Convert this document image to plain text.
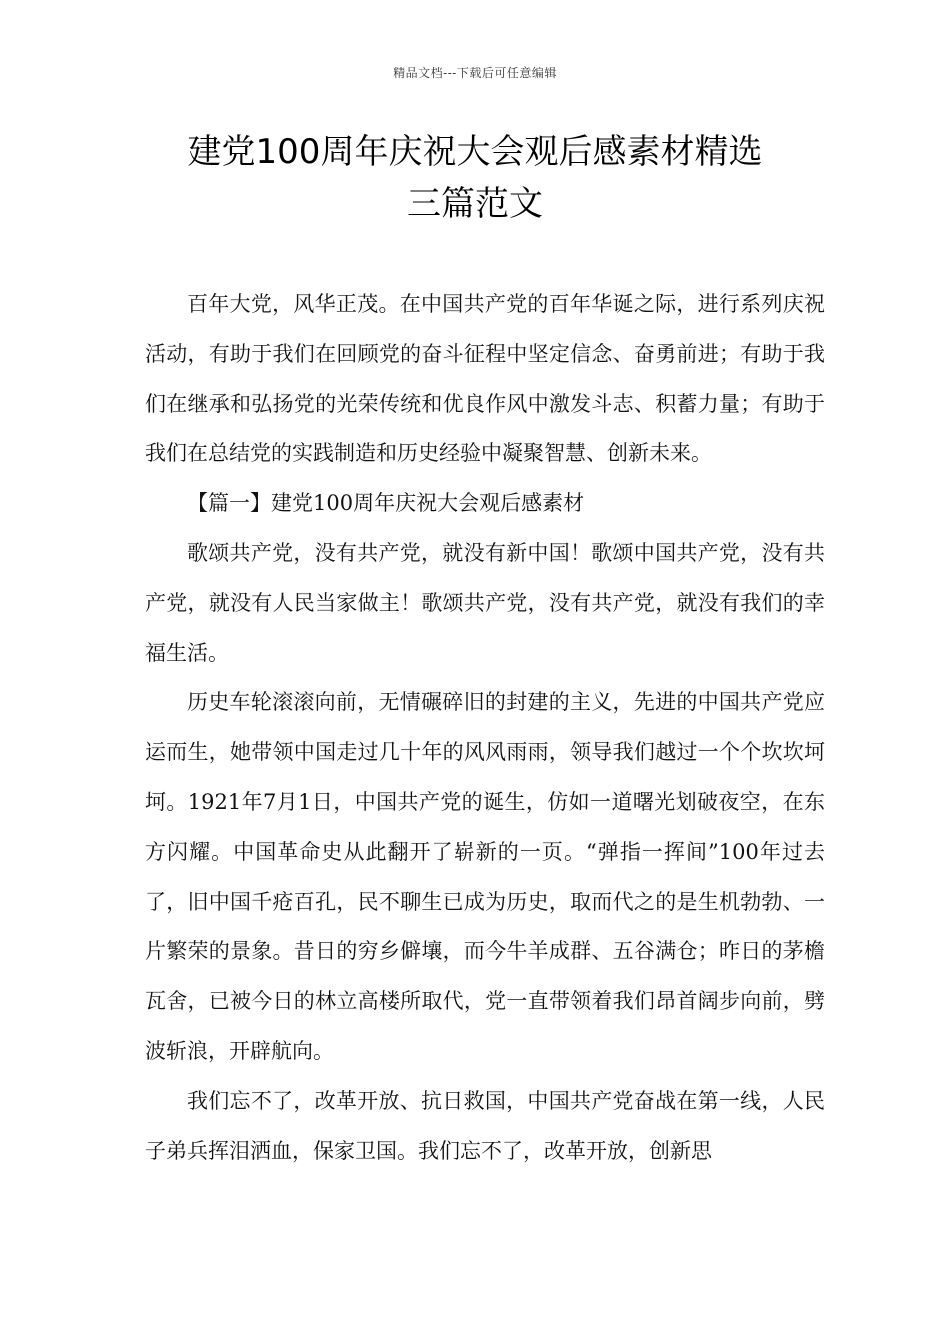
精品文档---下载后可任意编辑
建党100周年庆祝大会观后感素材精选
三篇范文

百年大党，风华正茂。在中国共产党的百年华诞之际，进行系列庆祝活动，有助于我们在回顾党的奋斗征程中坚定信念、奋勇前进；有助于我们在继承和弘扬党的光荣传统和优良作风中激发斗志、积蓄力量；有助于我们在总结党的实践制造和历史经验中凝聚智慧、创新未来。

【篇一】建党100周年庆祝大会观后感素材

歌颂共产党，没有共产党，就没有新中国！歌颂中国共产党，没有共产党，就没有人民当家做主！歌颂共产党，没有共产党，就没有我们的幸福生活。

历史车轮滚滚向前，无情碾碎旧的封建的主义，先进的中国共产党应运而生，她带领中国走过几十年的风风雨雨，领导我们越过一个个坎坎坷坷。1921年7月1日，中国共产党的诞生，仿如一道曙光划破夜空，在东方闪耀。中国革命史从此翻开了崭新的一页。“弹指一挥间”100年过去了，旧中国千疮百孔，民不聊生已成为历史，取而代之的是生机勃勃、一片繁荣的景象。昔日的穷乡僻壤，而今牛羊成群、五谷满仓；昨日的茅檐瓦舍，已被今日的林立高楼所取代，党一直带领着我们昂首阔步向前，劈波斩浪，开辟航向。

我们忘不了，改革开放、抗日救国，中国共产党奋战在第一线，人民子弟兵挥泪洒血，保家卫国。我们忘不了，改革开放，创新思
